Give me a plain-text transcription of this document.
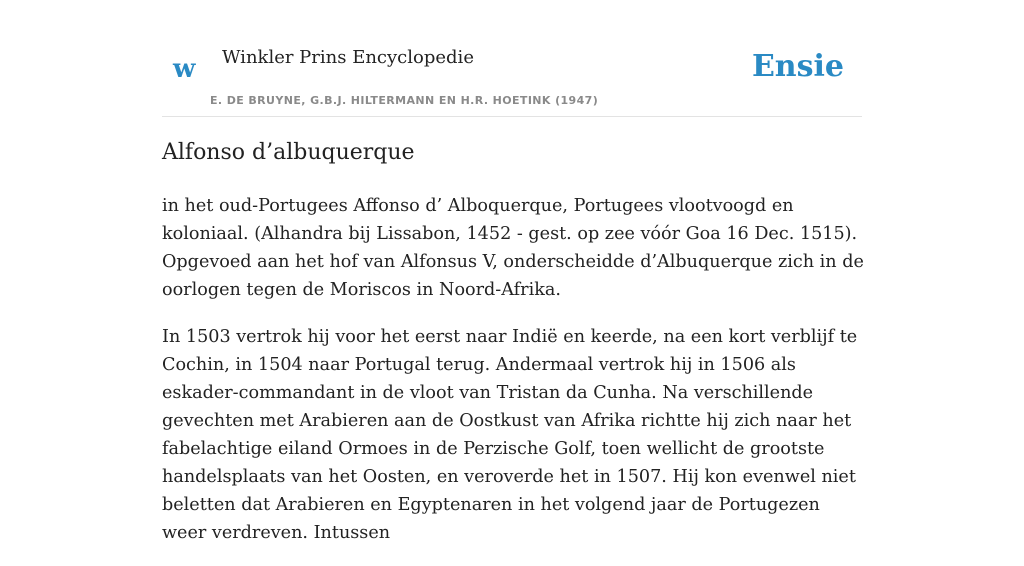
w Winkler Prins Encyclopedie
E. DE BRUYNE, G.B.J. HILTERMANN EN H.R. HOETINK (1947)
Ensie
Alfonso d’albuquerque

in het oud-Portugees Affonso d’ Alboquerque, Portugees vlootvoogd en koloniaal. (Alhandra bij Lissabon, 1452 - gest. op zee vóór Goa 16 Dec. 1515). Opgevoed aan het hof van Alfonsus V, onderscheidde d’Albuquerque zich in de oorlogen tegen de Moriscos in Noord-Afrika.

In 1503 vertrok hij voor het eerst naar Indië en keerde, na een kort verblijf te Cochin, in 1504 naar Portugal terug. Andermaal vertrok hij in 1506 als eskader-commandant in de vloot van Tristan da Cunha. Na verschillende gevechten met Arabieren aan de Oostkust van Afrika richtte hij zich naar het fabelachtige eiland Ormoes in de Perzische Golf, toen wellicht de grootste handelsplaats van het Oosten, en veroverde het in 1507. Hij kon evenwel niet beletten dat Arabieren en Egyptenaren in het volgend jaar de Portugezen weer verdreven. Intussen
